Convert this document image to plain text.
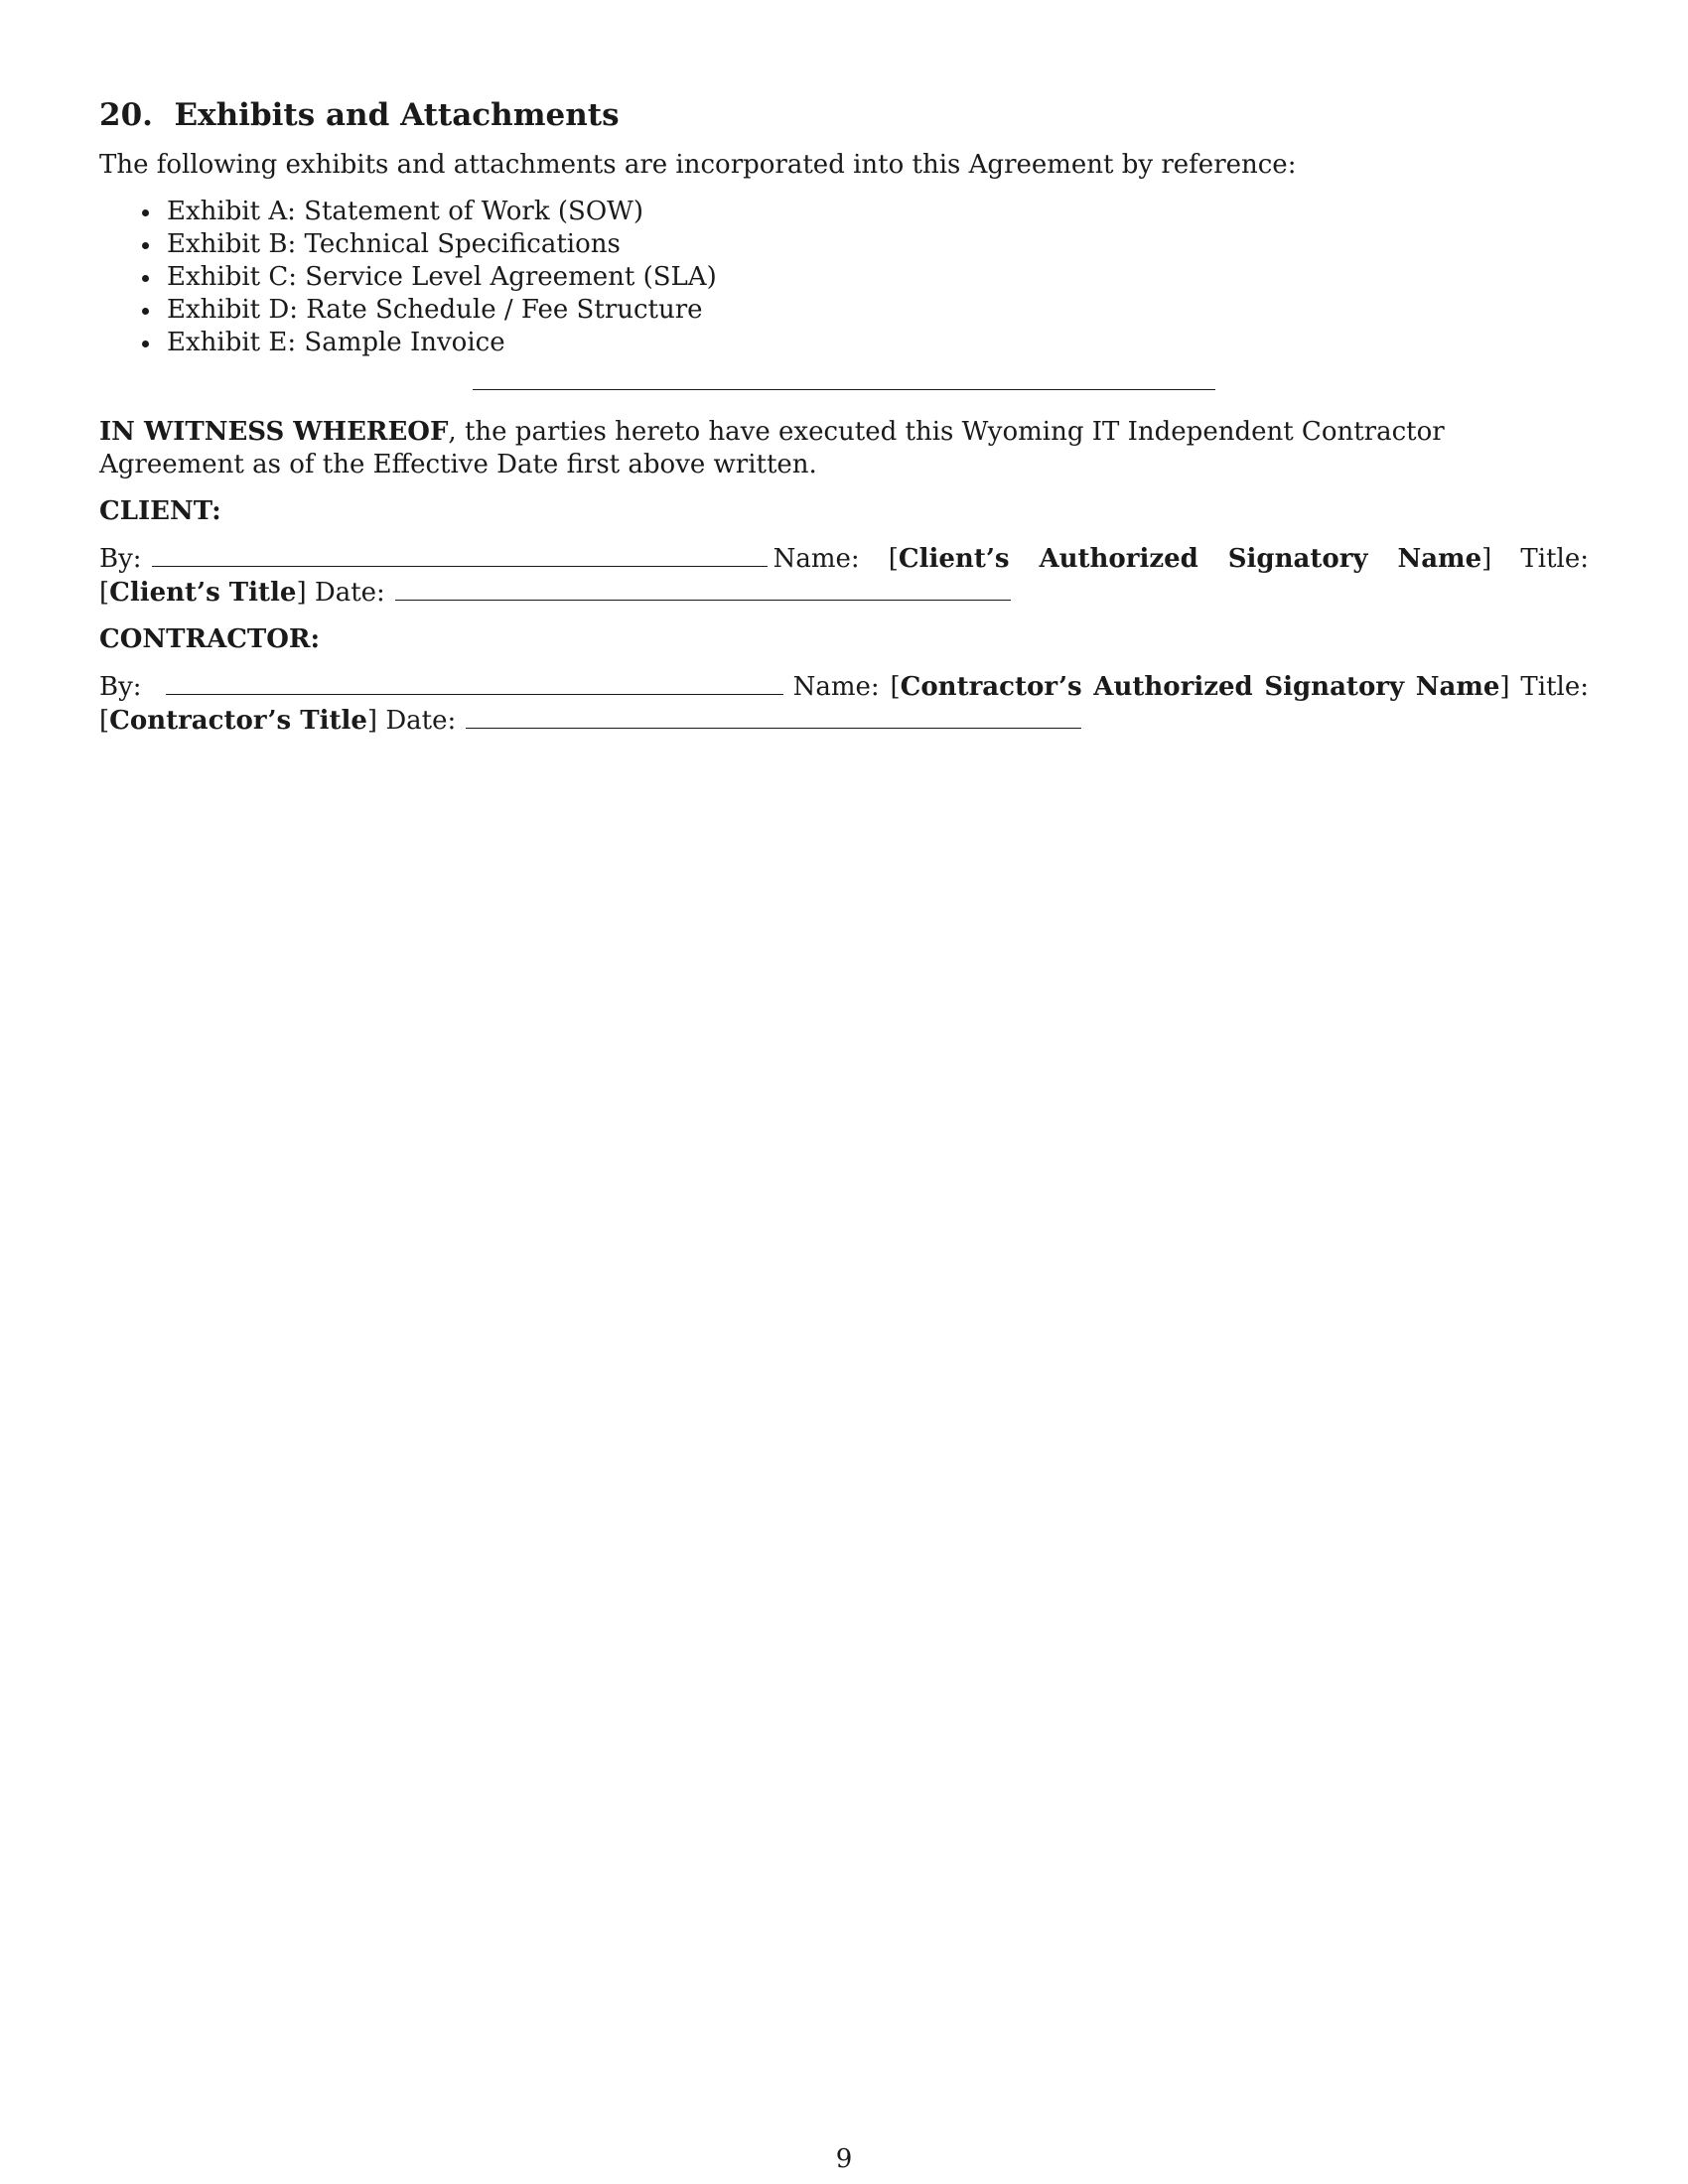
20. Exhibits and Attachments

The following exhibits and attachments are incorporated into this Agreement by reference:

Exhibit A: Statement of Work (SOW)
Exhibit B: Technical Specifications
Exhibit C: Service Level Agreement (SLA)
Exhibit D: Rate Schedule / Fee Structure
Exhibit E: Sample Invoice

IN WITNESS WHEREOF, the parties hereto have executed this Wyoming IT Independent Contractor Agreement as of the Effective Date first above written.

CLIENT:

By:	Name: [Client’s Authorized Signatory Name] Title: [Client’s Title] Date:

CONTRACTOR:

By:	Name: [Contractor’s Authorized Signatory Name] Title: [Contractor’s Title] Date:
9
